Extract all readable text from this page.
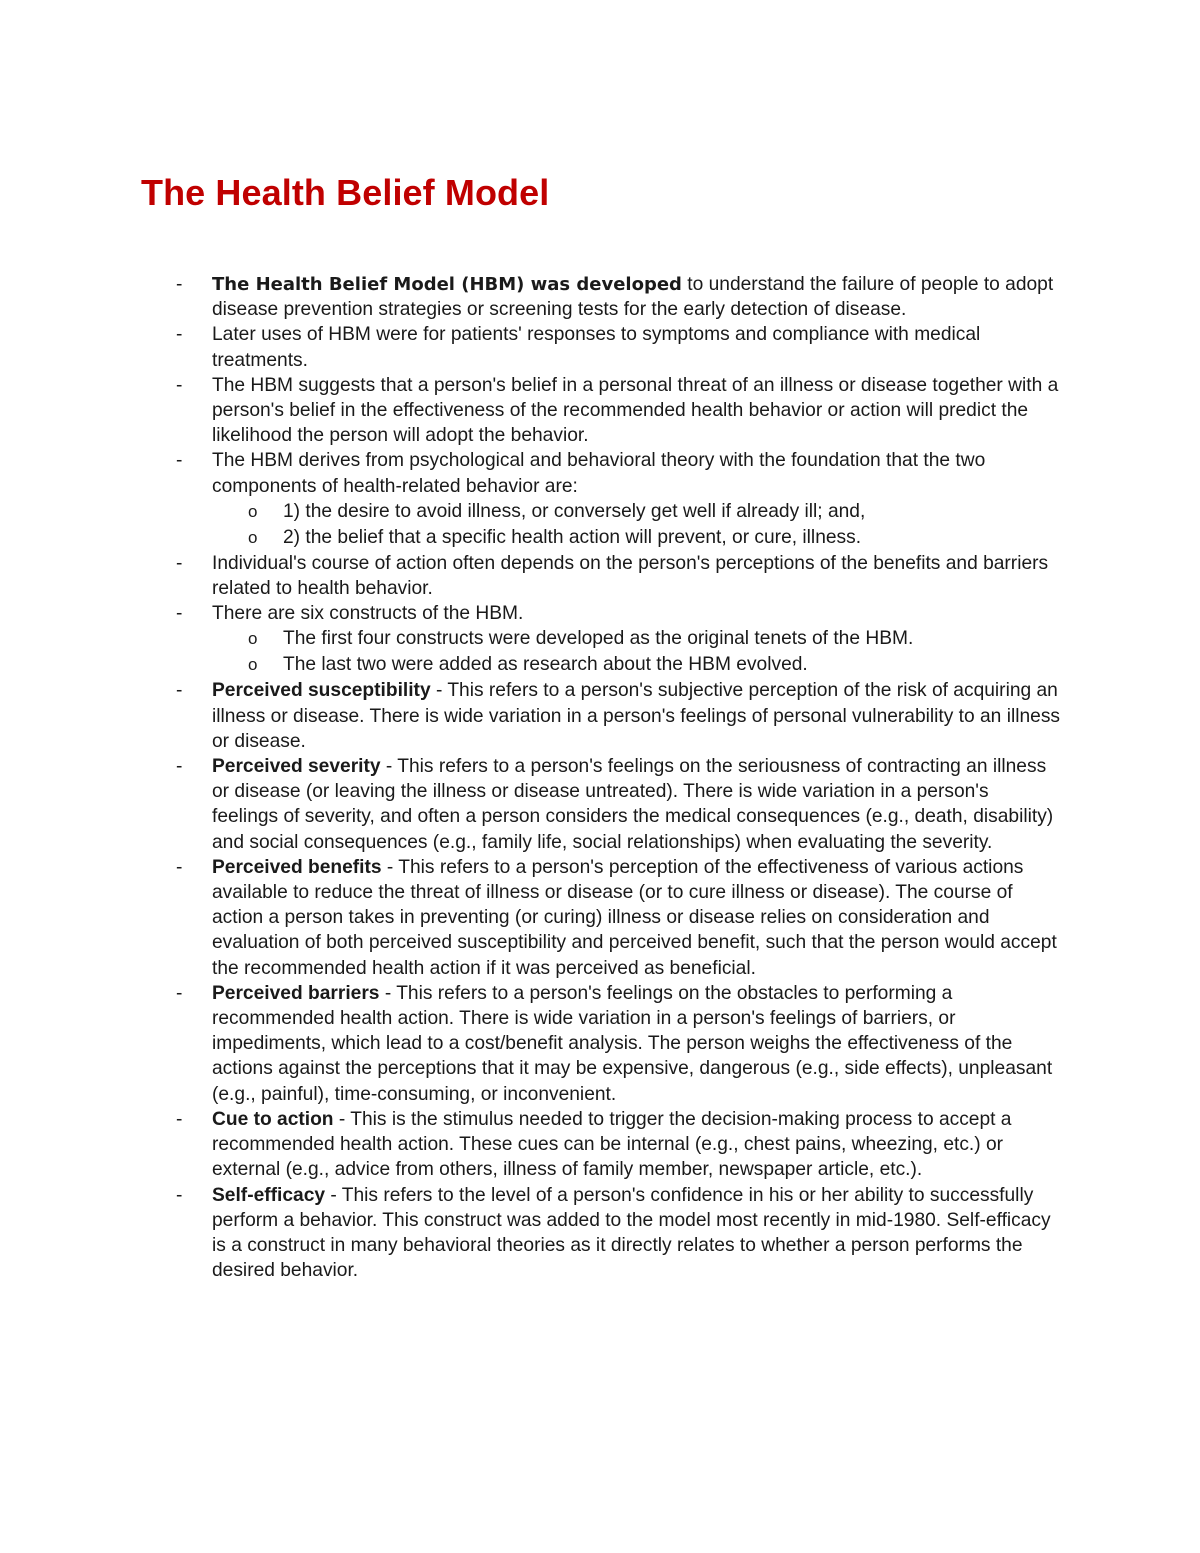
The Health Belief Model
- The Health Belief Model (HBM) was developed to understand the failure of people to adopt disease prevention strategies or screening tests for the early detection of disease.
- Later uses of HBM were for patients' responses to symptoms and compliance with medical treatments.
- The HBM suggests that a person's belief in a personal threat of an illness or disease together with a person's belief in the effectiveness of the recommended health behavior or action will predict the likelihood the person will adopt the behavior.
- The HBM derives from psychological and behavioral theory with the foundation that the two components of health-related behavior are:
o 1) the desire to avoid illness, or conversely get well if already ill; and,
o 2) the belief that a specific health action will prevent, or cure, illness.
- Individual's course of action often depends on the person's perceptions of the benefits and barriers related to health behavior.
- There are six constructs of the HBM.
o The first four constructs were developed as the original tenets of the HBM.
o The last two were added as research about the HBM evolved.
- Perceived susceptibility - This refers to a person's subjective perception of the risk of acquiring an illness or disease. There is wide variation in a person's feelings of personal vulnerability to an illness or disease.
- Perceived severity - This refers to a person's feelings on the seriousness of contracting an illness or disease (or leaving the illness or disease untreated). There is wide variation in a person's feelings of severity, and often a person considers the medical consequences (e.g., death, disability) and social consequences (e.g., family life, social relationships) when evaluating the severity.
- Perceived benefits - This refers to a person's perception of the effectiveness of various actions available to reduce the threat of illness or disease (or to cure illness or disease). The course of action a person takes in preventing (or curing) illness or disease relies on consideration and evaluation of both perceived susceptibility and perceived benefit, such that the person would accept the recommended health action if it was perceived as beneficial.
- Perceived barriers - This refers to a person's feelings on the obstacles to performing a recommended health action. There is wide variation in a person's feelings of barriers, or impediments, which lead to a cost/benefit analysis. The person weighs the effectiveness of the actions against the perceptions that it may be expensive, dangerous (e.g., side effects), unpleasant (e.g., painful), time-consuming, or inconvenient.
- Cue to action - This is the stimulus needed to trigger the decision-making process to accept a recommended health action. These cues can be internal (e.g., chest pains, wheezing, etc.) or external (e.g., advice from others, illness of family member, newspaper article, etc.).
- Self-efficacy - This refers to the level of a person's confidence in his or her ability to successfully perform a behavior. This construct was added to the model most recently in mid-1980. Self-efficacy is a construct in many behavioral theories as it directly relates to whether a person performs the desired behavior.
